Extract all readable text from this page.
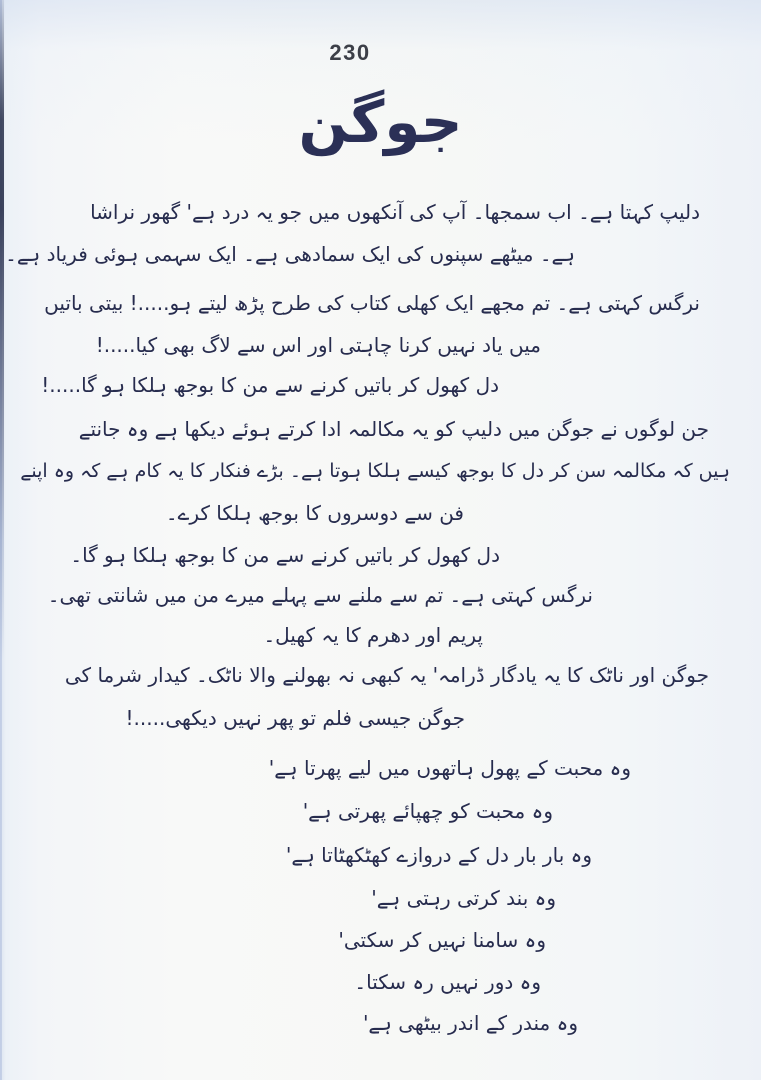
230
جوگن
دلیپ کہتا ہے۔ اب سمجھا۔ آپ کی آنکھوں میں جو یہ درد ہے' گھور نراشا
ہے۔ میٹھے سپنوں کی ایک سمادھی ہے۔ ایک سہمی ہوئی فریاد ہے۔
نرگس کہتی ہے۔ تم مجھے ایک کھلی کتاب کی طرح پڑھ لیتے ہو.....! بیتی باتیں
میں یاد نہیں کرنا چاہتی اور اس سے لاگ بھی کیا.....!
دل کھول کر باتیں کرنے سے من کا بوجھ ہلکا ہو گا.....!
جن لوگوں نے جوگن میں دلیپ کو یہ مکالمہ ادا کرتے ہوئے دیکھا ہے وہ جانتے
ہیں کہ مکالمہ سن کر دل کا بوجھ کیسے ہلکا ہوتا ہے۔ بڑے فنکار کا یہ کام ہے کہ وہ اپنے
فن سے دوسروں کا بوجھ ہلکا کرے۔
دل کھول کر باتیں کرنے سے من کا بوجھ ہلکا ہو گا۔
نرگس کہتی ہے۔ تم سے ملنے سے پہلے میرے من میں شانتی تھی۔
پریم اور دھرم کا یہ کھیل۔
جوگن اور ناٹک کا یہ یادگار ڈرامہ' یہ کبھی نہ بھولنے والا ناٹک۔ کیدار شرما کی
جوگن جیسی فلم تو پھر نہیں دیکھی.....!
وہ محبت کے پھول ہاتھوں میں لیے پھرتا ہے'
وہ محبت کو چھپائے پھرتی ہے'
وہ بار بار دل کے دروازے کھٹکھٹاتا ہے'
وہ بند کرتی رہتی ہے'
وہ سامنا نہیں کر سکتی'
وہ دور نہیں رہ سکتا۔
وہ مندر کے اندر بیٹھی ہے'
